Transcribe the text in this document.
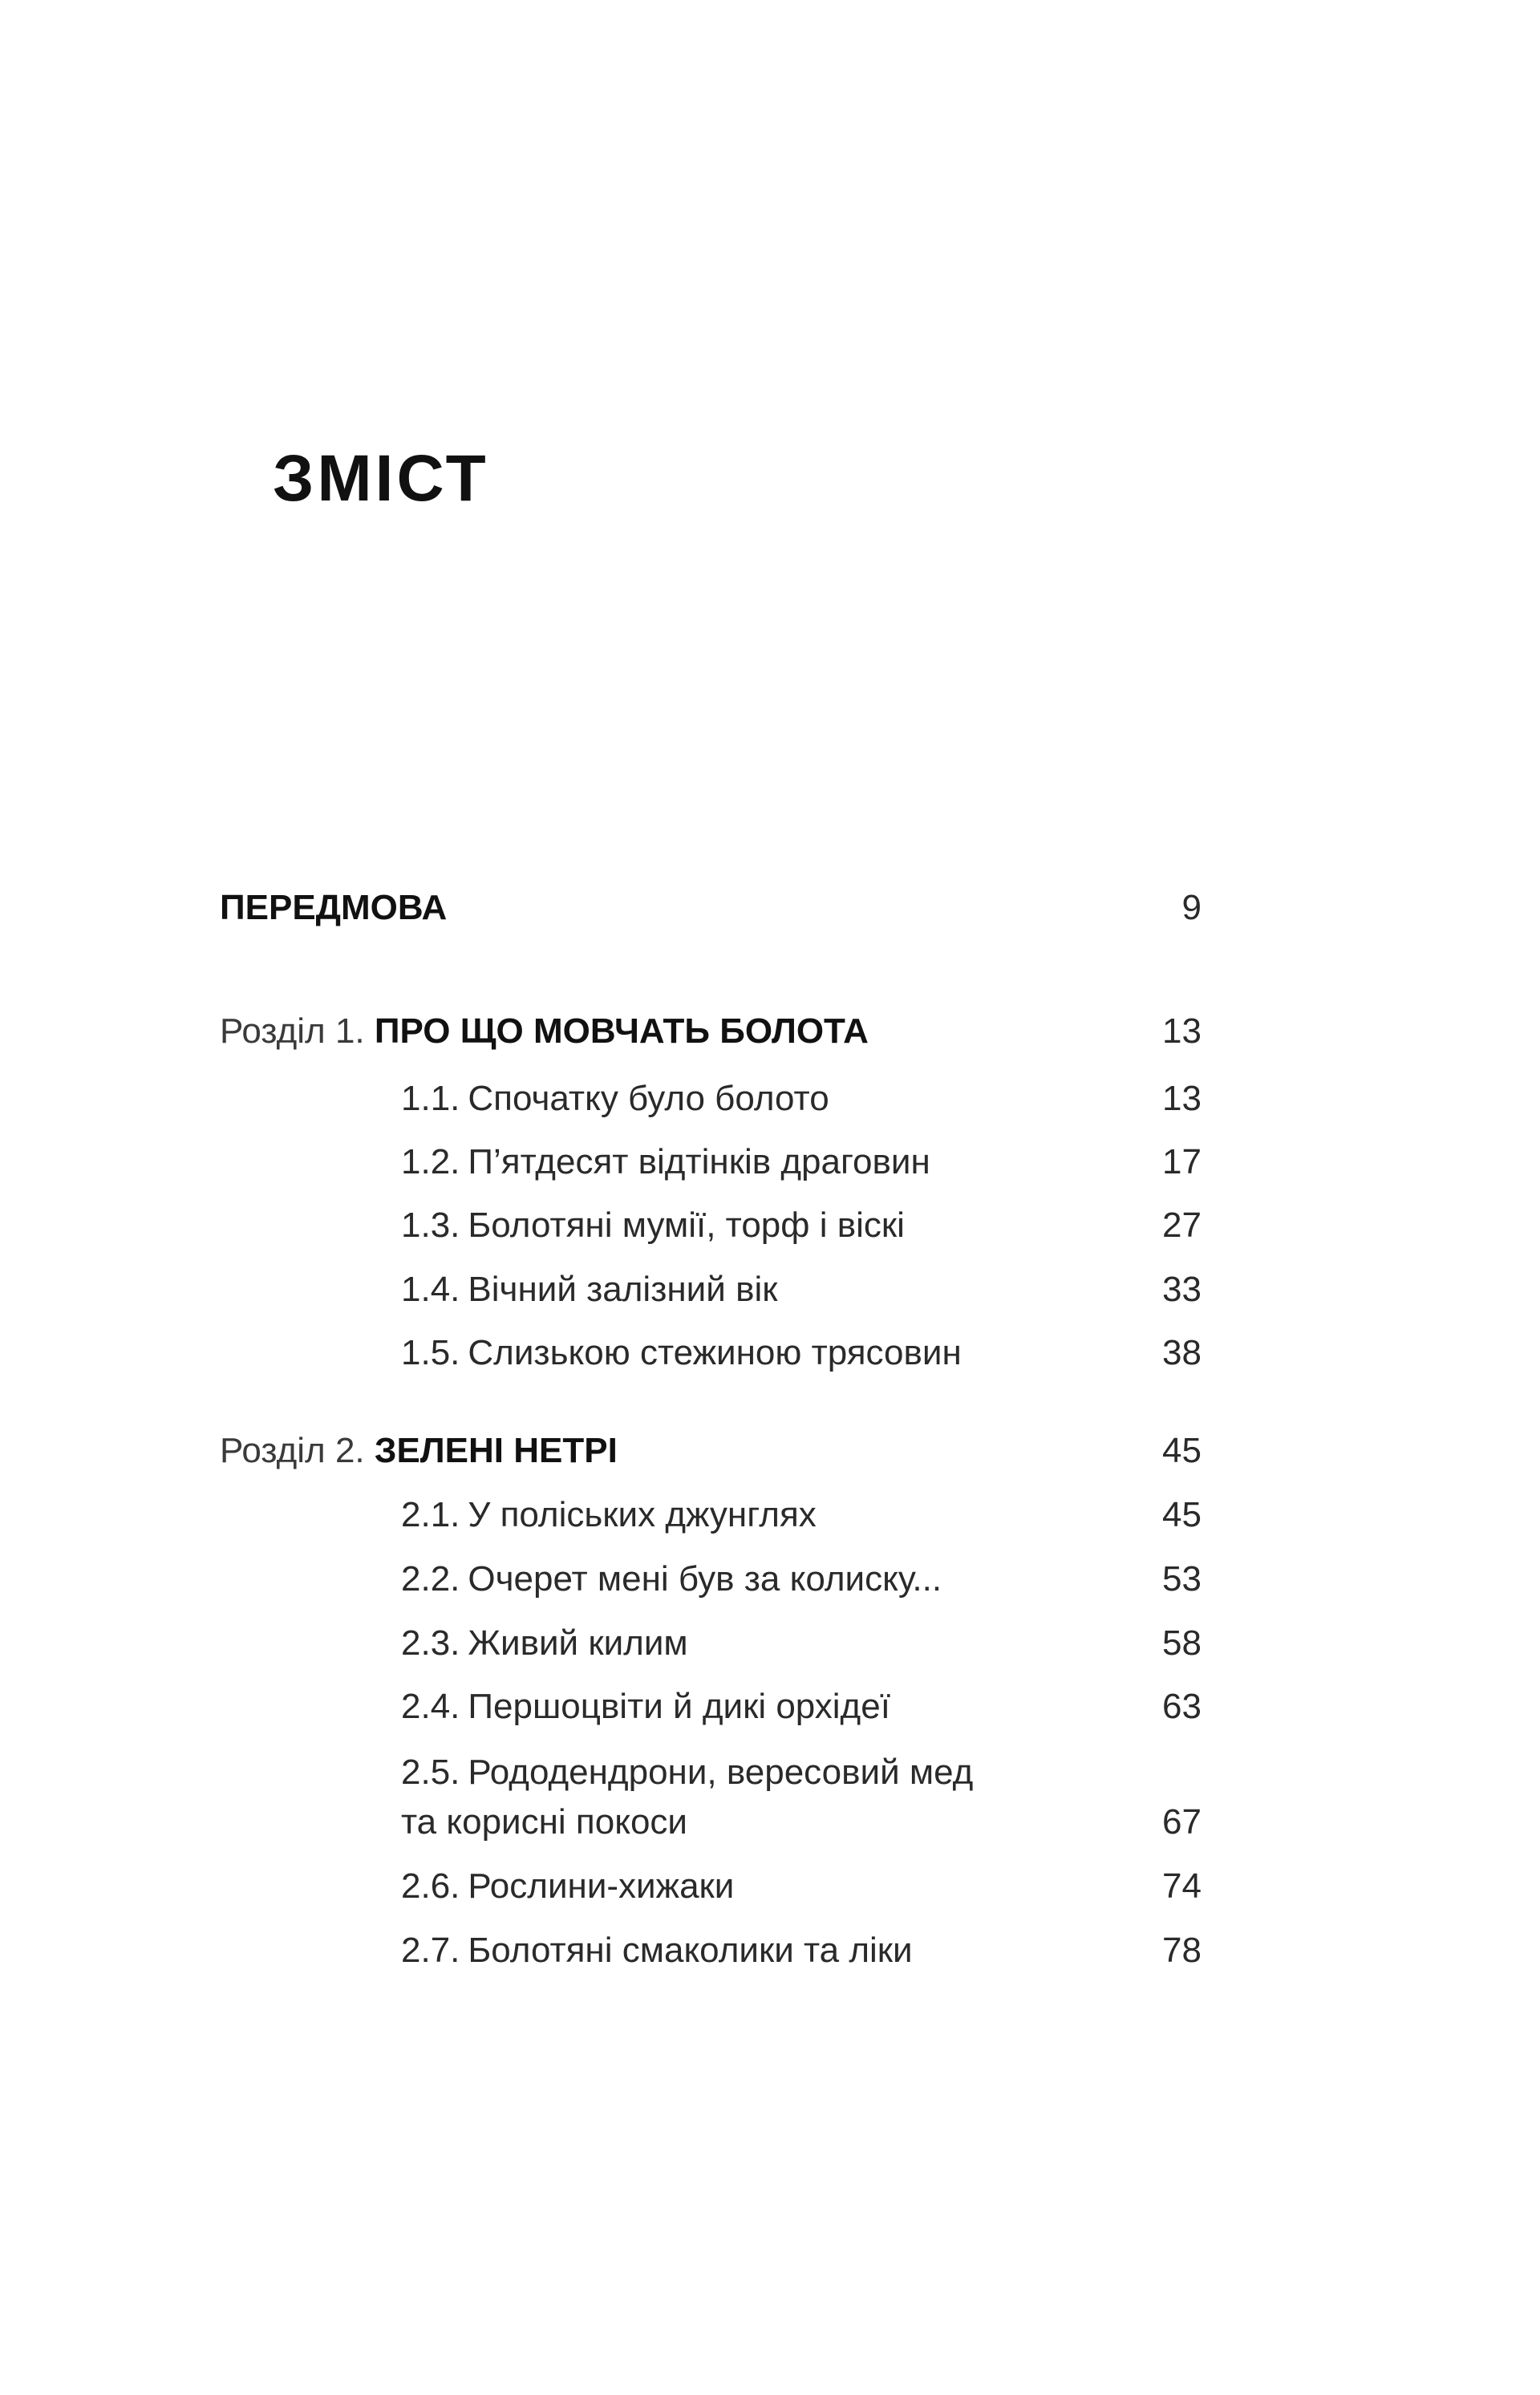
ЗМІСТ
ПЕРЕДМОВА	9
Розділ 1. ПРО ЩО МОВЧАТЬ БОЛОТА	13
1.1. Спочатку було болото	13
1.2. П’ятдесят відтінків драговин	17
1.3. Болотяні мумії, торф і віскі	27
1.4. Вічний залізний вік	33
1.5. Слизькою стежиною трясовин	38
Розділ 2. ЗЕЛЕНІ НЕТРІ	45
2.1. У поліських джунглях	45
2.2. Очерет мені був за колиску...	53
2.3. Живий килим	58
2.4. Першоцвіти й дикі орхідеї	63
2.5. Рододендрони, вересовий мед
та корисні покоси	67
2.6. Рослини-хижаки	74
2.7. Болотяні смаколики та ліки	78
